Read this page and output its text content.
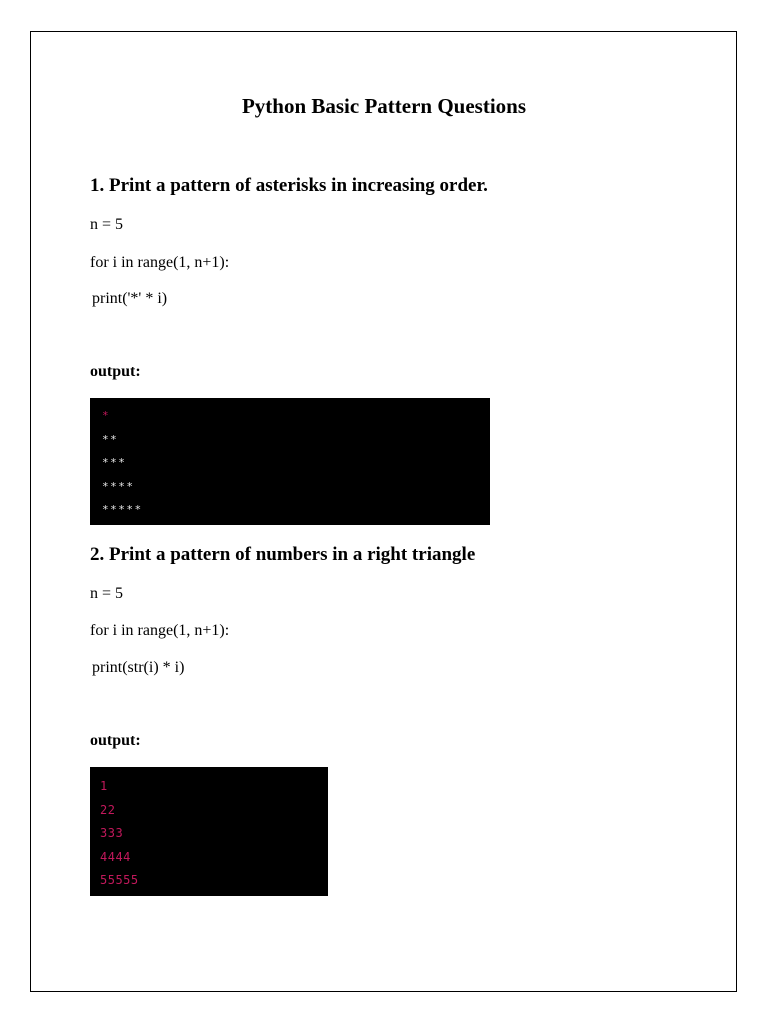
Python Basic Pattern Questions
1. Print a pattern of asterisks in increasing order.
n = 5
for i in range(1, n+1):
print('*' * i)
output:
*
**
***
****
*****
2. Print a pattern of numbers in a right triangle
n = 5
for i in range(1, n+1):
print(str(i) * i)
output:
1
22
333
4444
55555
